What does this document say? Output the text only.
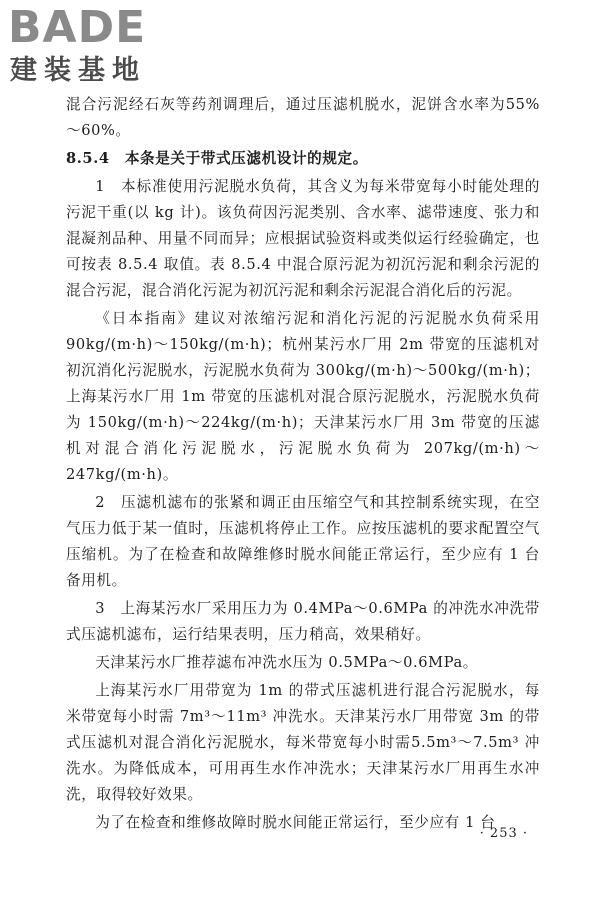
BADE
建装基地

混合污泥经石灰等药剂调理后，通过压滤机脱水，泥饼含水率为55%～60%。

8.5.4　本条是关于带式压滤机设计的规定。

1　本标准使用污泥脱水负荷，其含义为每米带宽每小时能处理的污泥干重(以 kg 计)。该负荷因污泥类别、含水率、滤带速度、张力和混凝剂品种、用量不同而异；应根据试验资料或类似运行经验确定，也可按表 8.5.4 取值。表 8.5.4 中混合原污泥为初沉污泥和剩余污泥的混合污泥，混合消化污泥为初沉污泥和剩余污泥混合消化后的污泥。

《日本指南》建议对浓缩污泥和消化污泥的污泥脱水负荷采用90kg/(m·h)～150kg/(m·h)；杭州某污水厂用 2m 带宽的压滤机对初沉消化污泥脱水，污泥脱水负荷为 300kg/(m·h)～500kg/(m·h)；上海某污水厂用 1m 带宽的压滤机对混合原污泥脱水，污泥脱水负荷为 150kg/(m·h)～224kg/(m·h)；天津某污水厂用 3m 带宽的压滤机对混合消化污泥脱水，污泥脱水负荷为 207kg/(m·h)～247kg/(m·h)。

2　压滤机滤布的张紧和调正由压缩空气和其控制系统实现，在空气压力低于某一值时，压滤机将停止工作。应按压滤机的要求配置空气压缩机。为了在检查和故障维修时脱水间能正常运行，至少应有 1 台备用机。

3　上海某污水厂采用压力为 0.4MPa～0.6MPa 的冲洗水冲洗带式压滤机滤布，运行结果表明，压力稍高，效果稍好。

天津某污水厂推荐滤布冲洗水压为 0.5MPa～0.6MPa。

上海某污水厂用带宽为 1m 的带式压滤机进行混合污泥脱水，每米带宽每小时需 7m³～11m³ 冲洗水。天津某污水厂用带宽 3m 的带式压滤机对混合消化污泥脱水，每米带宽每小时需5.5m³～7.5m³ 冲洗水。为降低成本，可用再生水作冲洗水；天津某污水厂用再生水冲洗，取得较好效果。

为了在检查和维修故障时脱水间能正常运行，至少应有 1 台

· 253 ·
